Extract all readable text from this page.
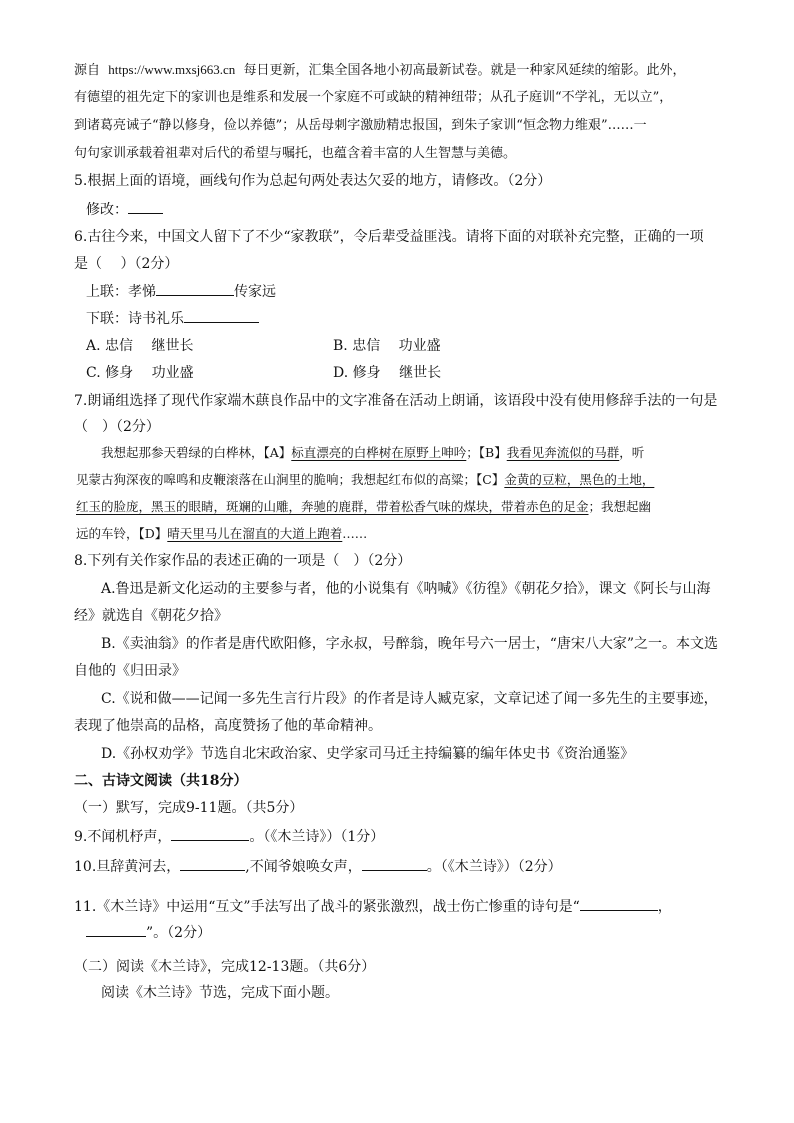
源自 https://www.mxsj663.cn 每日更新，汇集全国各地小初高最新试卷。就是一种家风延续的缩影。此外，
有德望的祖先定下的家训也是维系和发展一个家庭不可或缺的精神纽带；从孔子庭训“不学礼，无以立”，
到诸葛亮诫子“静以修身，俭以养德”；从岳母刺字激励精忠报国，到朱子家训“恒念物力维艰”……一
句句家训承载着祖辈对后代的希望与嘱托，也蕴含着丰富的人生智慧与美德。
5.根据上面的语境，画线句作为总起句两处表达欠妥的地方，请修改。（2分）
修改：
6.古往今来，中国文人留下了不少“家教联”，令后辈受益匪浅。请将下面的对联补充完整，正确的一项
是（　 ）（2分）
上联：孝悌	传家远
下联：诗书礼乐
A. 忠信　 继世长	B. 忠信　 功业盛
C. 修身　 功业盛	D. 修身　 继世长
7.朗诵组选择了现代作家端木蕻良作品中的文字准备在活动上朗诵，该语段中没有使用修辞手法的一句是
（　）（2分）
我想起那参天碧绿的白桦林，【A】标直漂亮的白桦树在原野上呻吟；【B】我看见奔流似的马群，听
见蒙古狗深夜的嗥鸣和皮鞭滚落在山涧里的脆响；我想起红布似的高粱；【C】金黄的豆粒，黑色的土地，
红玉的脸庞，黑玉的眼睛，斑斓的山雕，奔驰的鹿群，带着松香气味的煤块，带着赤色的足金；我想起幽
远的车铃，【D】晴天里马儿在溜直的大道上跑着……
8.下列有关作家作品的表述正确的一项是（　）（2分）
A.鲁迅是新文化运动的主要参与者，他的小说集有《呐喊》《彷徨》《朝花夕拾》，课文《阿长与山海
经》就选自《朝花夕拾》
B.《卖油翁》的作者是唐代欧阳修，字永叔，号醉翁，晚年号六一居士，“唐宋八大家”之一。本文选
自他的《归田录》
C.《说和做——记闻一多先生言行片段》的作者是诗人臧克家，文章记述了闻一多先生的主要事迹，
表现了他崇高的品格，高度赞扬了他的革命精神。
D.《孙权劝学》节选自北宋政治家、史学家司马迁主持编纂的编年体史书《资治通鉴》
二、古诗文阅读（共18分）
（一）默写，完成9-11题。（共5分）
9.不闻机杼声，	。（《木兰诗》）（1分）
10.旦辞黄河去，	,不闻爷娘唤女声，	。（《木兰诗》）（2分）
11.《木兰诗》中运用“互文”手法写出了战斗的紧张激烈，战士伤亡惨重的诗句是“	，
”。（2分）
（二）阅读《木兰诗》，完成12-13题。（共6分）
阅读《木兰诗》节选，完成下面小题。
